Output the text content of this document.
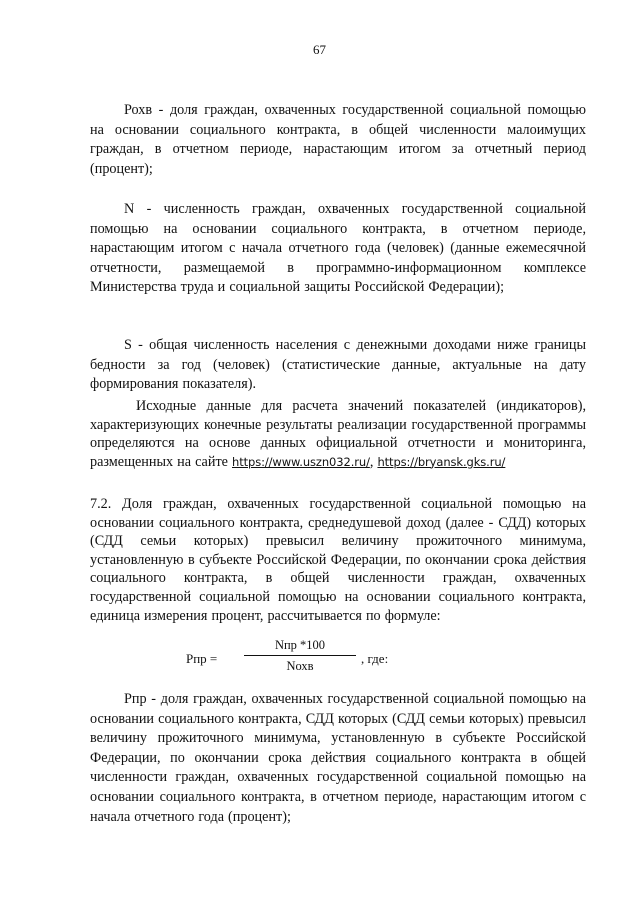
67

Рохв - доля граждан, охваченных государственной социальной помощью на основании социального контракта, в общей численности малоимущих граждан, в отчетном периоде, нарастающим итогом за отчетный период (процент);

N - численность граждан, охваченных государственной социальной помощью на основании социального контракта, в отчетном периоде, нарастающим итогом с начала отчетного года (человек) (данные ежемесячной отчетности, размещаемой в программно-информационном комплексе Министерства труда и социальной защиты Российской Федерации);

S - общая численность населения с денежными доходами ниже границы бедности за год (человек) (статистические данные, актуальные на дату формирования показателя).

Исходные данные для расчета значений показателей (индикаторов), характеризующих конечные результаты реализации государственной программы определяются на основе данных официальной отчетности и мониторинга, размещенных на сайте https://www.uszn032.ru/, https://bryansk.gks.ru/

7.2. Доля граждан, охваченных государственной социальной помощью на основании социального контракта, среднедушевой доход (далее - СДД) которых (СДД семьи которых) превысил величину прожиточного минимума, установленную в субъекте Российской Федерации, по окончании срока действия социального контракта, в общей численности граждан, охваченных государственной социальной помощью на основании социального контракта, единица измерения процент, рассчитывается по формуле:

Рпр =
Nпр *100
Nохв	, где:

Рпр - доля граждан, охваченных государственной социальной помощью на основании социального контракта, СДД которых (СДД семьи которых) превысил величину прожиточного минимума, установленную в субъекте Российской Федерации, по окончании срока действия социального контракта в общей численности граждан, охваченных государственной социальной помощью на основании социального контракта, в отчетном периоде, нарастающим итогом с начала отчетного года (процент);
